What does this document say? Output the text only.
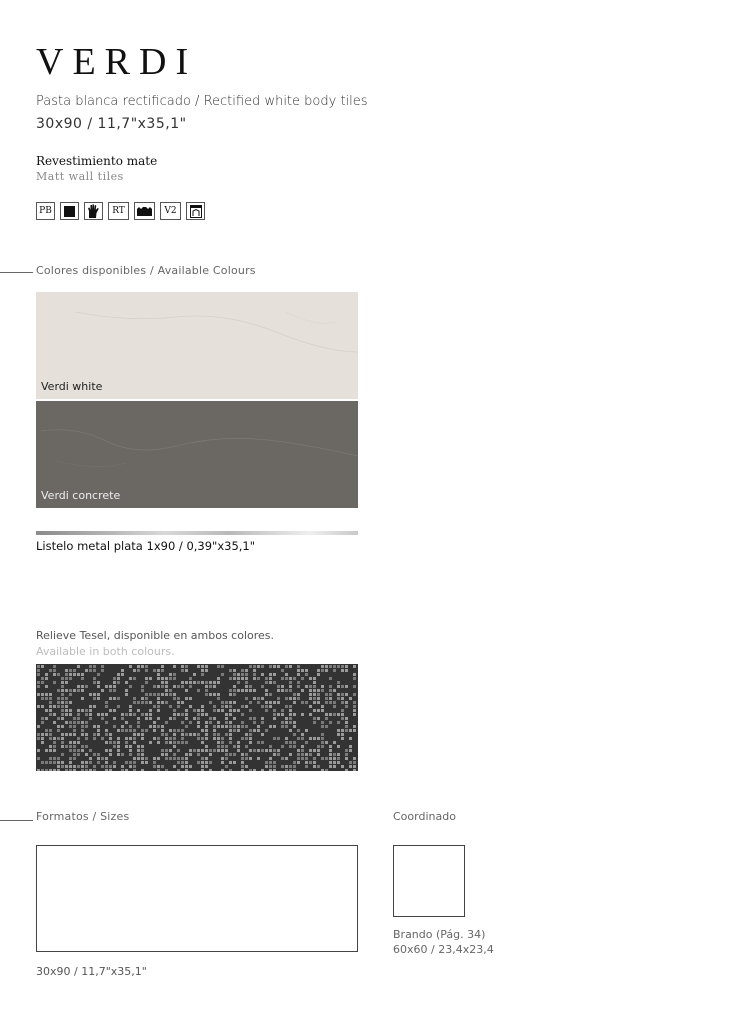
VERDI
Pasta blanca rectificado / Rectified white body tiles
30x90 / 11,7"x35,1"
Revestimiento mate
Matt wall tiles
PB	RT	V2
Colores disponibles / Available Colours
Verdi white
Verdi concrete
Listelo metal plata 1x90 / 0,39"x35,1"
Relieve Tesel, disponible en ambos colores.
Available in both colours.
Formatos / Sizes
30x90 / 11,7"x35,1"
Coordinado
Brando (Pág. 34)
60x60 / 23,4x23,4
